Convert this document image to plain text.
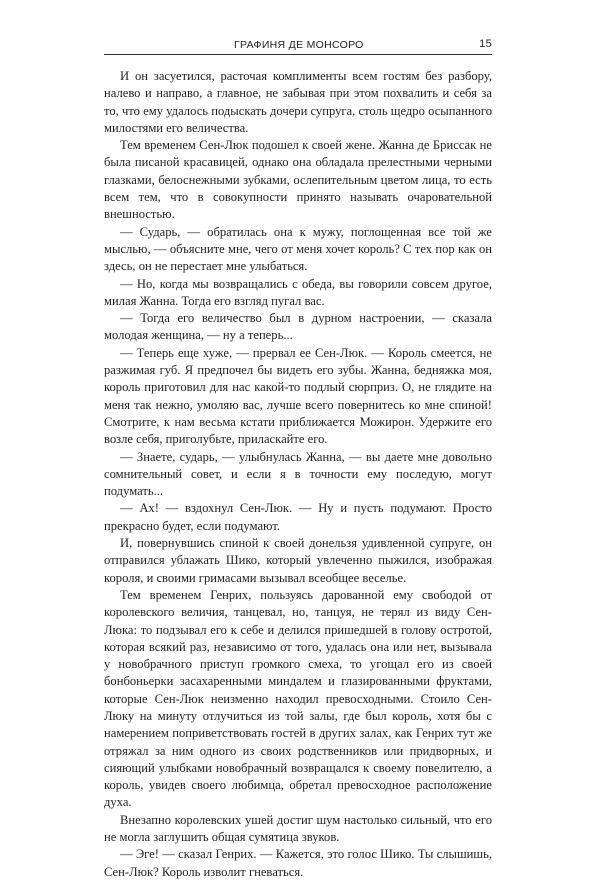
ГРАФИНЯ ДЕ МОНСОРО	15

И он засуетился, расточая комплименты всем гостям без разбору, налево и направо, а главное, не забывая при этом похвалить и себя за то, что ему удалось подыскать дочери супруга, столь щедро осыпанного милостями его величества.

Тем временем Сен-Люк подошел к своей жене. Жанна де Бриссак не была писаной красавицей, однако она обладала прелестными черными глазками, белоснежными зубками, ослепительным цветом лица, то есть всем тем, что в совокупности принято называть очаровательной внешностью.

— Сударь, — обратилась она к мужу, поглощенная все той же мыслью, — объясните мне, чего от меня хочет король? С тех пор как он здесь, он не перестает мне улыбаться.

— Но, когда мы возвращались с обеда, вы говорили совсем другое, милая Жанна. Тогда его взгляд пугал вас.

— Тогда его величество был в дурном настроении, — сказала молодая женщина, — ну а теперь...

— Теперь еще хуже, — прервал ее Сен-Люк. — Король смеется, не разжимая губ. Я предпочел бы видеть его зубы. Жанна, бедняжка моя, король приготовил для нас какой-то подлый сюрприз. О, не глядите на меня так нежно, умоляю вас, лучше всего повернитесь ко мне спиной! Смотрите, к нам весьма кстати приближается Можирон. Удержите его возле себя, приголубьте, приласкайте его.

— Знаете, сударь, — улыбнулась Жанна, — вы даете мне довольно сомнительный совет, и если я в точности ему последую, могут подумать...

— Ах! — вздохнул Сен-Люк. — Ну и пусть подумают. Просто прекрасно будет, если подумают.

И, повернувшись спиной к своей донельзя удивленной супруге, он отправился ублажать Шико, который увлеченно пыжился, изображая короля, и своими гримасами вызывал всеобщее веселье.

Тем временем Генрих, пользуясь дарованной ему свободой от королевского величия, танцевал, но, танцуя, не терял из виду Сен-Люка: то подзывал его к себе и делился пришедшей в голову остротой, которая всякий раз, независимо от того, удалась она или нет, вызывала у новобрачного приступ громкого смеха, то угощал его из своей бонбоньерки засахаренными миндалем и глазированными фруктами, которые Сен-Люк неизменно находил превосходными. Стоило Сен-Люку на минуту отлучиться из той залы, где был король, хотя бы с намерением поприветствовать гостей в других залах, как Генрих тут же отряжал за ним одного из своих родственников или придворных, и сияющий улыбками новобрачный возвращался к своему повелителю, а король, увидев своего любимца, обретал превосходное расположение духа.

Внезапно королевских ушей достиг шум настолько сильный, что его не могла заглушить общая сумятица звуков.

— Эге! — сказал Генрих. — Кажется, это голос Шико. Ты слышишь, Сен-Люк? Король изволит гневаться.
